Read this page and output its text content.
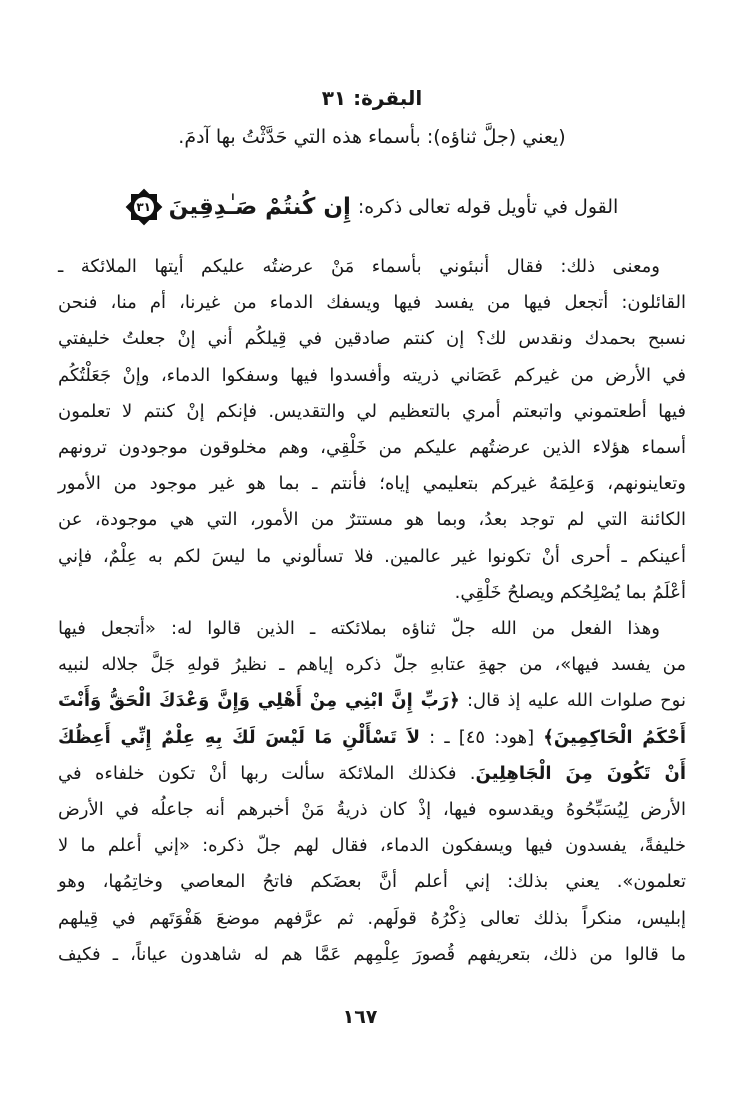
البقرة: ٣١
(يعني (جلَّ ثناؤه): بأسماء هذه التي حَدَّثْتُ بها آدمَ.
القول في تأويل قوله تعالى ذكره:
إِن كُنتُمْ صَـٰدِقِينَ
٣١
ومعنى ذلك: فقال أنبئوني بأسماء مَنْ عرضتُه عليكم أيتها الملائكة ـ
القائلون: أتجعل فيها من يفسد فيها ويسفك الدماء من غيرنا، أم منا، فنحن
نسبح بحمدك ونقدس لك؟ إن كنتم صادقين في قِيلكُم أني إنْ جعلتُ خليفتي
في الأرض من غيركم عَصَاني ذريته وأفسدوا فيها وسفكوا الدماء، وإنْ جَعَلْتُكُم
فيها أطعتموني واتبعتم أمري بالتعظيم لي والتقديس. فإنكم إنْ كنتم لا تعلمون
أسماء هؤلاء الذين عرضتُهم عليكم من خَلْقِي، وهم مخلوقون موجودون ترونهم
وتعاينونهم، وَعلِمَهُ غيركم بتعليمي إياه؛ فأنتم ـ بما هو غير موجود من الأمور
الكائنة التي لم توجد بعدُ، وبما هو مستترٌ من الأمور، التي هي موجودة، عن
أعينكم ـ أحرى أنْ تكونوا غير عالمين. فلا تسألوني ما ليسَ لكم به عِلْمٌ، فإني
أعْلَمُ بما يُصْلِحُكم ويصلحُ خَلْقِي.
وهذا الفعل من الله جلّ ثناؤه بملائكته ـ الذين قالوا له: «أتجعل فيها
من يفسد فيها»، من جهةِ عتابهِ جلّ ذكره إياهم ـ نظيرُ قولهِ جَلَّ جلاله لنبيه
نوح صلوات الله عليه إذ قال: ﴿رَبِّ إِنَّ ابْنِي مِنْ أَهْلِي وَإِنَّ وَعْدَكَ الْحَقُّ وَأَنْتَ
أَحْكَمُ الْحَاكِمِينَ﴾ [هود: ٤٥] ـ : لاَ تَسْأَلْنِ مَا لَيْسَ لَكَ بِهِ عِلْمٌ إِنِّي أَعِظُكَ
أَنْ تَكُونَ مِنَ الْجَاهِلِينَ. فكذلك الملائكة سألت ربها أنْ تكون خلفاءه في
الأرض لِيُسَبِّحُوهُ ويقدسوه فيها، إذْ كان ذريةُ مَنْ أخبرهم أنه جاعلُه في الأرض
خليفةً، يفسدون فيها ويسفكون الدماء، فقال لهم جلّ ذكره: «إني أعلم ما لا
تعلمون». يعني بذلك: إني أعلم أنَّ بعضَكم فاتحُ المعاصي وخاتِمُها، وهو
إبليس، منكراً بذلك تعالى ذِكْرُهُ قولَهم. ثم عرَّفهم موضعَ هَفْوَتَهم في قِيلهم
ما قالوا من ذلك، بتعريفهم قُصورَ عِلْمِهم عَمَّا هم له شاهدون عياناً، ـ فكيف
١٦٧
